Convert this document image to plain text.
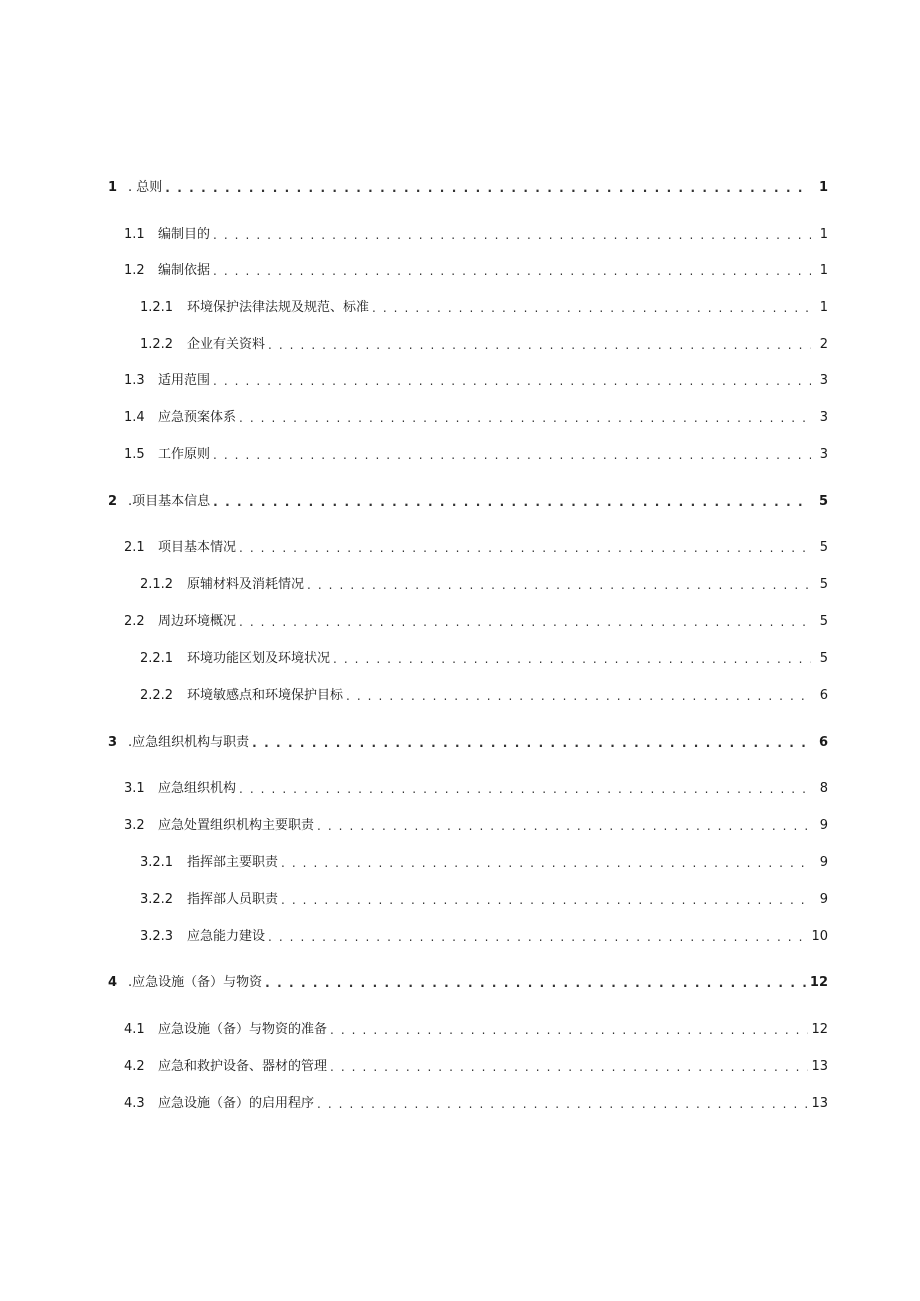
1 . 总则 . . .	1
1.1	编制目的 . . .	1
1.2	编制依据 . . .	1
1.2.1	环境保护法律法规及规范、标准 . . .	1
1.2.2	企业有关资料 . . .	2
1.3	适用范围 . . .	3
1.4	应急预案体系 . . .	3
1.5	工作原则 . . .	3
2 .项目基本信息 . . .	5
2.1	项目基本情况 . . .	5
2.1.2	原辅材料及消耗情况 . . .	5
2.2	周边环境概况 . . .	5
2.2.1	环境功能区划及环境状况 . . .	5
2.2.2	环境敏感点和环境保护目标 . . .	6
3 .应急组织机构与职责 . . .	6
3.1	应急组织机构 . . .	8
3.2	应急处置组织机构主要职责 . . .	9
3.2.1	指挥部主要职责 . . .	9
3.2.2	指挥部人员职责 . . .	9
3.2.3	应急能力建设 . . .	10
4 .应急设施（备）与物资 . . .	12
4.1	应急设施（备）与物资的准备 . . .	12
4.2	应急和救护设备、器材的管理 . . .	13
4.3	应急设施（备）的启用程序 . . .	13
